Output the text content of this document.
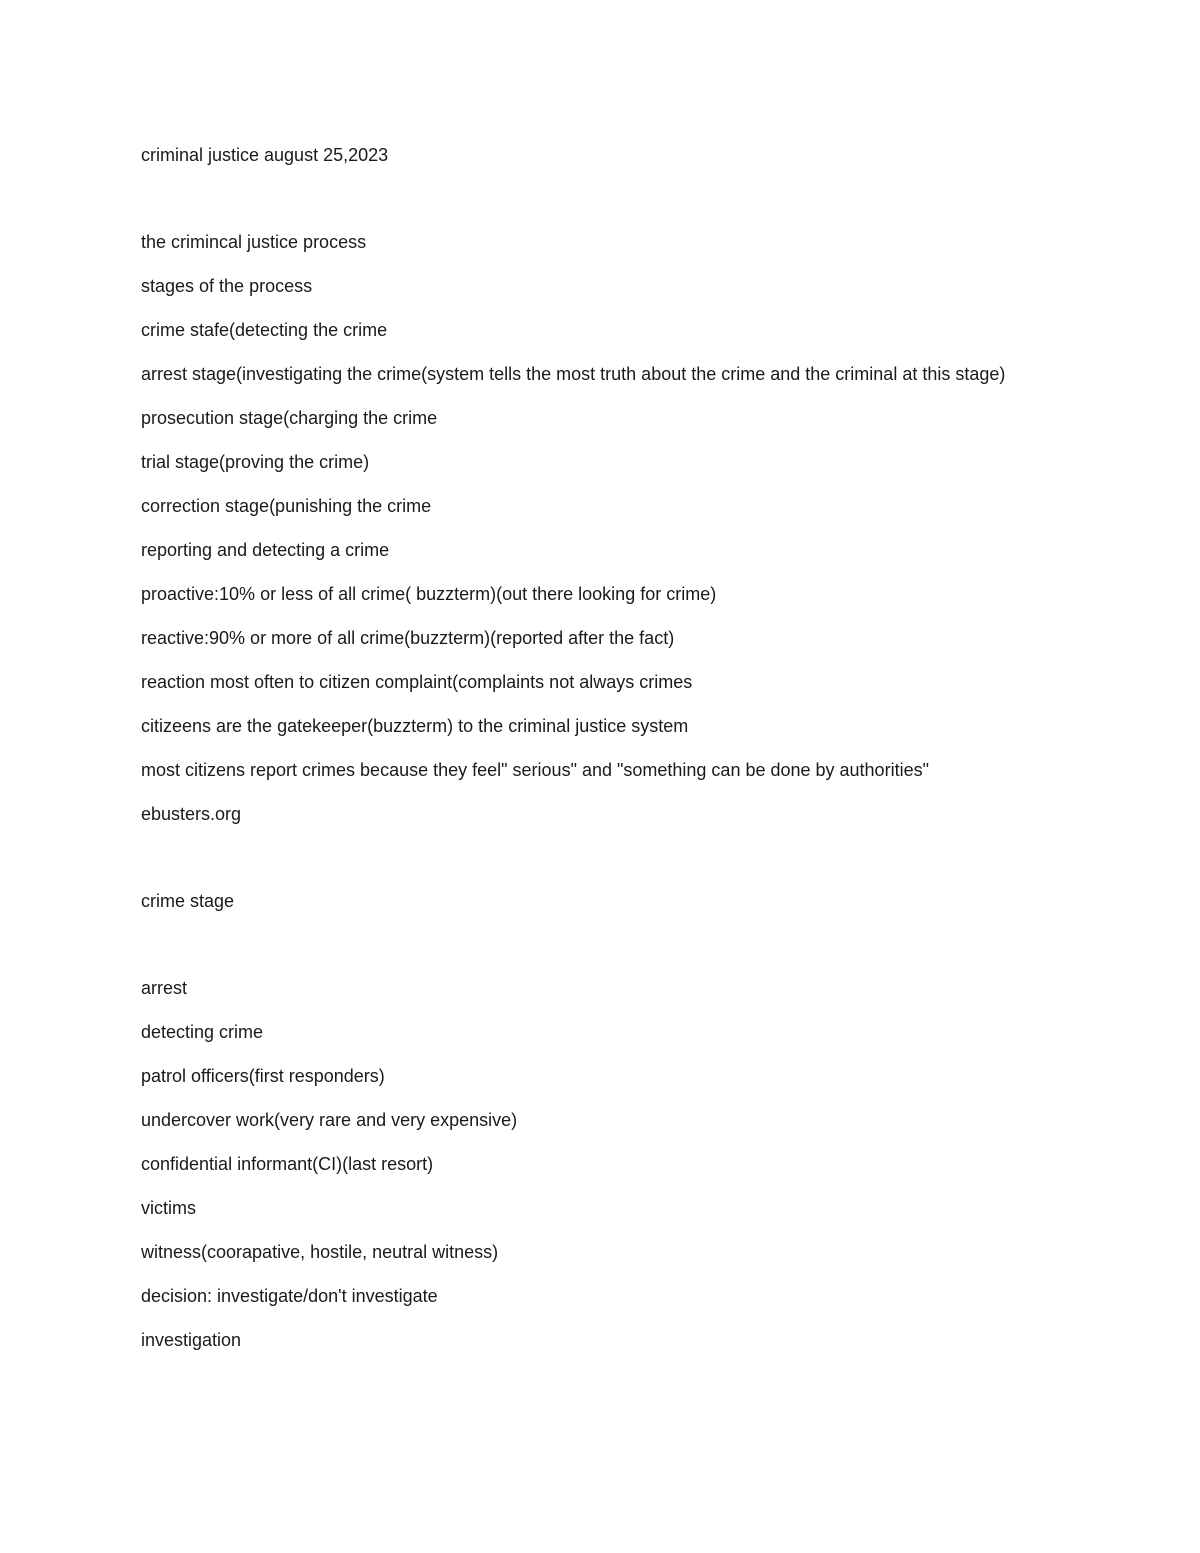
criminal justice august 25,2023

the crimincal justice process

stages of the process

crime stafe(detecting the crime

arrest stage(investigating the crime(system tells the most truth about the crime and the criminal at this stage)

prosecution stage(charging the crime

trial stage(proving the crime)

correction stage(punishing the crime

reporting and detecting a crime

proactive:10% or less of all crime( buzzterm)(out there looking for crime)

reactive:90% or more of all crime(buzzterm)(reported after the fact)

reaction most often to citizen complaint(complaints not always crimes

citizeens are the gatekeeper(buzzterm) to the criminal justice system

most citizens report crimes because they feel" serious" and "something can be done by authorities"

ebusters.org

crime stage

arrest

detecting crime

patrol officers(first responders)

undercover work(very rare and very expensive)

confidential informant(CI)(last resort)

victims

witness(coorapative, hostile, neutral witness)

decision: investigate/don't investigate

investigation
